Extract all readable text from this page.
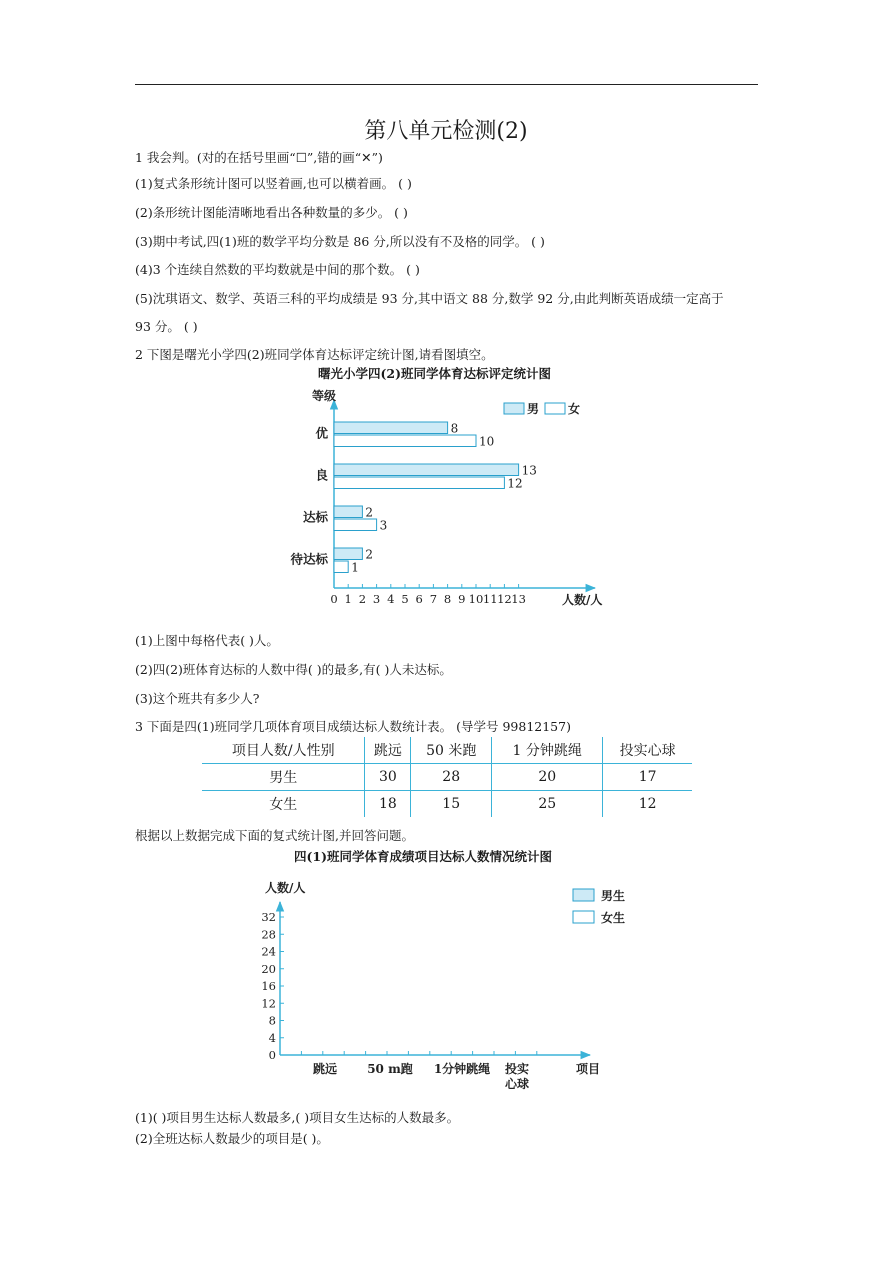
第八单元检测(2)
1 我会判。(对的在括号里画“☐”,错的画“✕”)
(1)复式条形统计图可以竖着画,也可以横着画。 ( )
(2)条形统计图能清晰地看出各种数量的多少。 ( )
(3)期中考试,四(1)班的数学平均分数是 86 分,所以没有不及格的同学。 ( )
(4)3 个连续自然数的平均数就是中间的那个数。 ( )
(5)沈琪语文、数学、英语三科的平均成绩是 93 分,其中语文 88 分,数学 92 分,由此判断英语成绩一定高于
93 分。 ( )
2 下图是曙光小学四(2)班同学体育达标评定统计图,请看图填空。
曙光小学四(2)班同学体育达标评定统计图
0 1 2 3 4 5 6 7 8 9 10 11 12 13
优	8
10
良	13
12
达标	2
3
待达标	2
1
等级
人数/人
男 女
(1)上图中每格代表( )人。
(2)四(2)班体育达标的人数中得( )的最多,有( )人未达标。
(3)这个班共有多少人?
3 下面是四(1)班同学几项体育项目成绩达标人数统计表。 (导学号 99812157)
项目人数/人性别	跳远	50 米跑	1 分钟跳绳	投实心球
男生	30	28	20	17
女生	18	15	25	12
根据以上数据完成下面的复式统计图,并回答问题。
四(1)班同学体育成绩项目达标人数情况统计图
0
4
8
12
16
20
24
28
32
跳远	50 m跑 1分钟跳绳 投实
心球
人数/人
项目
男生
女生
(1)( )项目男生达标人数最多,( )项目女生达标的人数最多。
(2)全班达标人数最少的项目是( )。
